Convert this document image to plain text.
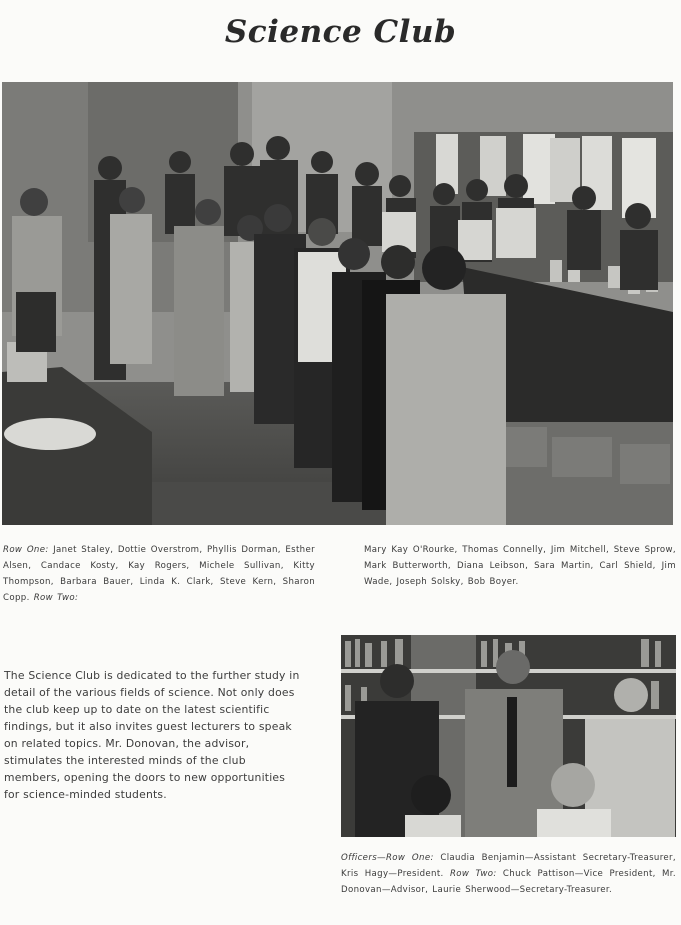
Science Club
Row One: Janet Staley, Dottie Overstrom, Phyllis Dorman, Esther Alsen, Candace Kosty, Kay Rogers, Michele Sullivan, Kitty Thompson, Barbara Bauer, Linda K. Clark, Steve Kern, Sharon Copp. Row Two:
Mary Kay O'Rourke, Thomas Connelly, Jim Mitchell, Steve Sprow, Mark Butterworth, Diana Leibson, Sara Martin, Carl Shield, Jim Wade, Joseph Solsky, Bob Boyer.
The Science Club is dedicated to the further study in detail of the various fields of science. Not only does the club keep up to date on the latest scientific findings, but it also invites guest lecturers to speak on related topics. Mr. Donovan, the advisor, stimulates the interested minds of the club members, opening the doors to new opportunities for science-minded students.
Officers—Row One: Claudia Benjamin—Assistant Secretary-Treasurer, Kris Hagy—President. Row Two: Chuck Pattison—Vice President, Mr. Donovan—Advisor, Laurie Sherwood—Secretary-Treasurer.
